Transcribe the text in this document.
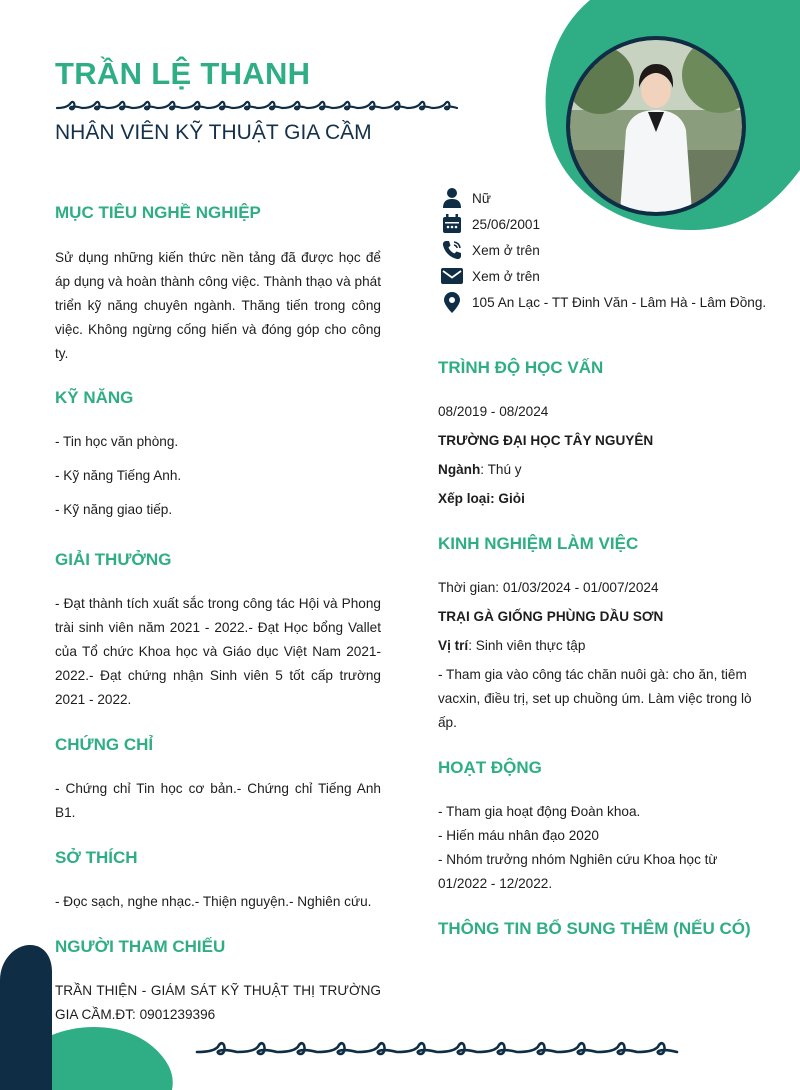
TRẦN LỆ THANH
NHÂN VIÊN KỸ THUẬT GIA CẦM
Nữ
25/06/2001
Xem ở trên
Xem ở trên
105 An Lạc - TT Đinh Văn - Lâm Hà - Lâm Đồng.
MỤC TIÊU NGHỀ NGHIỆP
Sử dụng những kiến thức nền tảng đã được học để áp dụng và hoàn thành công việc. Thành thạo và phát triển kỹ năng chuyên ngành. Thăng tiến trong công việc. Không ngừng cống hiến và đóng góp cho công ty.
KỸ NĂNG
- Tin học văn phòng.
- Kỹ năng Tiếng Anh.
- Kỹ năng giao tiếp.
GIẢI THƯỞNG
- Đạt thành tích xuất sắc trong công tác Hội và Phong trài sinh viên năm 2021 - 2022.- Đạt Học bổng Vallet của Tổ chức Khoa học và Giáo dục Việt Nam 2021- 2022.- Đạt chứng nhận Sinh viên 5 tốt cấp trường 2021 - 2022.
CHỨNG CHỈ
- Chứng chỉ Tin học cơ bản.- Chứng chỉ Tiếng Anh B1.
SỞ THÍCH
- Đọc sạch, nghe nhạc.- Thiện nguyện.- Nghiên cứu.
NGƯỜI THAM CHIẾU
TRẦN THIỆN - GIÁM SÁT KỸ THUẬT THỊ TRƯỜNG GIA CẦM.ĐT: 0901239396
TRÌNH ĐỘ HỌC VẤN
08/2019 - 08/2024
TRƯỜNG ĐẠI HỌC TÂY NGUYÊN
Ngành: Thú y
Xếp loại: Giỏi
KINH NGHIỆM LÀM VIỆC
Thời gian: 01/03/2024 - 01/007/2024
TRẠI GÀ GIỐNG PHÙNG DẦU SƠN
Vị trí: Sinh viên thực tập
- Tham gia vào công tác chăn nuôi gà: cho ăn, tiêm vacxin, điều trị, set up chuồng úm. Làm việc trong lò ấp.
HOẠT ĐỘNG
- Tham gia hoạt động Đoàn khoa.
- Hiến máu nhân đạo 2020
- Nhóm trưởng nhóm Nghiên cứu Khoa học từ 01/2022 - 12/2022.
THÔNG TIN BỔ SUNG THÊM (NẾU CÓ)
